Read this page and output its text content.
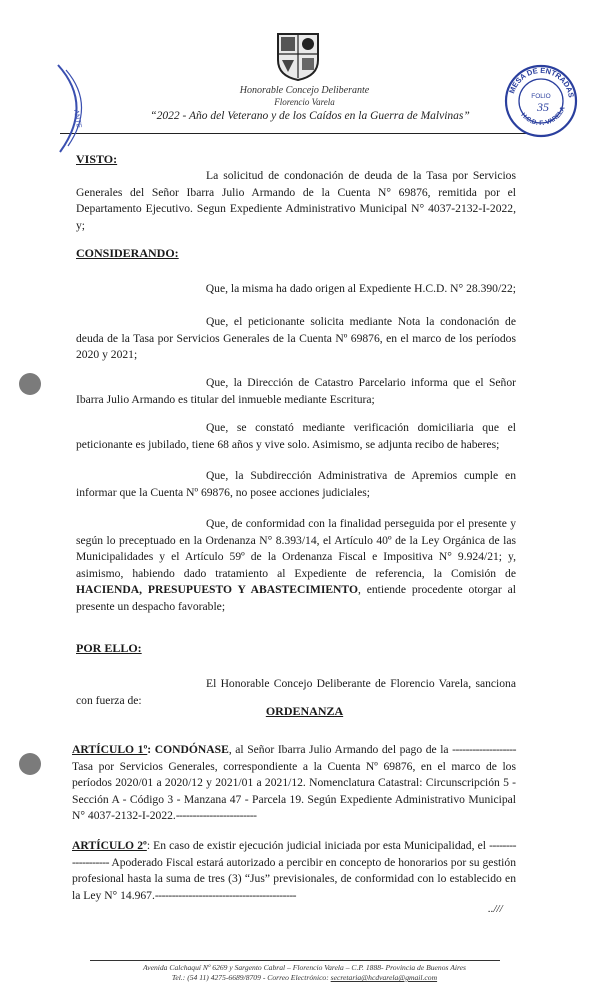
Honorable Concejo Deliberante
Florencio Varela
“2022 - Año del Veterano y de los Caídos en la Guerra de Malvinas”
ANTE
MESA DE ENTRADAS
H.C.D. F. VARELA
FOLIO
35
VISTO:
La solicitud de condonación de deuda de la Tasa por Servicios Generales del Señor Ibarra Julio Armando de la Cuenta N° 69876, remitida por el Departamento Ejecutivo. Segun Expediente Administrativo Municipal N° 4037-2132-I-2022, y;
CONSIDERANDO:
Que, la misma ha dado origen al Expediente H.C.D. N° 28.390/22;
Que, el peticionante solicita mediante Nota la condonación de deuda de la Tasa por Servicios Generales de la Cuenta Nº 69876, en el marco de los períodos 2020 y 2021;
Que, la Dirección de Catastro Parcelario informa que el Señor Ibarra Julio Armando es titular del inmueble mediante Escritura;
Que, se constató mediante verificación domiciliaria que el peticionante es jubilado, tiene 68 años y vive solo. Asimismo, se adjunta recibo de haberes;
Que, la Subdirección Administrativa de Apremios cumple en informar que la Cuenta Nº 69876, no posee acciones judiciales;
Que, de conformidad con la finalidad perseguida por el presente y según lo preceptuado en la Ordenanza N° 8.393/14, el Artículo 40º de la Ley Orgánica de las Municipalidades y el Artículo 59º de la Ordenanza Fiscal e Impositiva N° 9.924/21; y, asimismo, habiendo dado tratamiento al Expediente de referencia, la Comisión de HACIENDA, PRESUPUESTO Y ABASTECIMIENTO, entiende procedente otorgar al presente un despacho favorable;
POR ELLO:
El Honorable Concejo Deliberante de Florencio Varela, sanciona con fuerza de:
ORDENANZA
ARTÍCULO 1º: CONDÓNASE, al Señor Ibarra Julio Armando del pago de la ------------------- Tasa por Servicios Generales, correspondiente a la Cuenta Nº 69876, en el marco de los períodos 2020/01 a 2020/12 y 2021/01 a 2021/12. Nomenclatura Catastral: Circunscripción 5 - Sección A - Código 3 - Manzana 47 - Parcela 19. Según Expediente Administrativo Municipal N° 4037-2132-I-2022.------------------------
ARTÍCULO 2º: En caso de existir ejecución judicial iniciada por esta Municipalidad, el ------------------- Apoderado Fiscal estará autorizado a percibir en concepto de honorarios por su gestión profesional hasta la suma de tres (3) “Jus” previsionales, de conformidad con lo establecido en la Ley N° 14.967.------------------------------------------
..///
Avenida Calchaquí Nº 6269 y Sargento Cabral – Florencio Varela – C.P. 1888- Provincia de Buenos Aires
Tel.: (54 11) 4275-6689/8709 - Correo Electrónico: secretaria@hcdvarela@gmail.com
